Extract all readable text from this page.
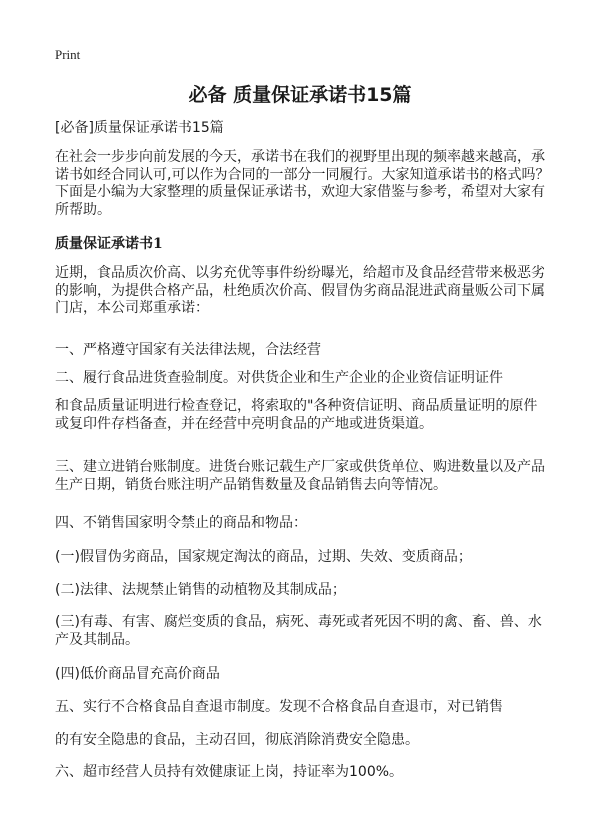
Print
必备 质量保证承诺书15篇
[必备]质量保证承诺书15篇
在社会一步步向前发展的今天，承诺书在我们的视野里出现的频率越来越高，承诺书如经合同认可,可以作为合同的一部分一同履行。大家知道承诺书的格式吗？下面是小编为大家整理的质量保证承诺书，欢迎大家借鉴与参考，希望对大家有所帮助。
质量保证承诺书1
近期，食品质次价高、以劣充优等事件纷纷曝光，给超市及食品经营带来极恶劣的影响，为提供合格产品，杜绝质次价高、假冒伪劣商品混进武商量贩公司下属门店，本公司郑重承诺：
一、严格遵守国家有关法律法规，合法经营
二、履行食品进货查验制度。对供货企业和生产企业的企业资信证明证件
和食品质量证明进行检查登记，将索取的"各种资信证明、商品质量证明的原件或复印件存档备查，并在经营中亮明食品的产地或进货渠道。
三、建立进销台账制度。进货台账记载生产厂家或供货单位、购进数量以及产品生产日期，销货台账注明产品销售数量及食品销售去向等情况。
四、不销售国家明令禁止的商品和物品：
(一)假冒伪劣商品，国家规定淘汰的商品，过期、失效、变质商品；
(二)法律、法规禁止销售的动植物及其制成品；
(三)有毒、有害、腐烂变质的食品，病死、毒死或者死因不明的禽、畜、兽、水产及其制品。
(四)低价商品冒充高价商品
五、实行不合格食品自查退市制度。发现不合格食品自查退市，对已销售
的有安全隐患的食品，主动召回，彻底消除消费安全隐患。
六、超市经营人员持有效健康证上岗，持证率为100%。
